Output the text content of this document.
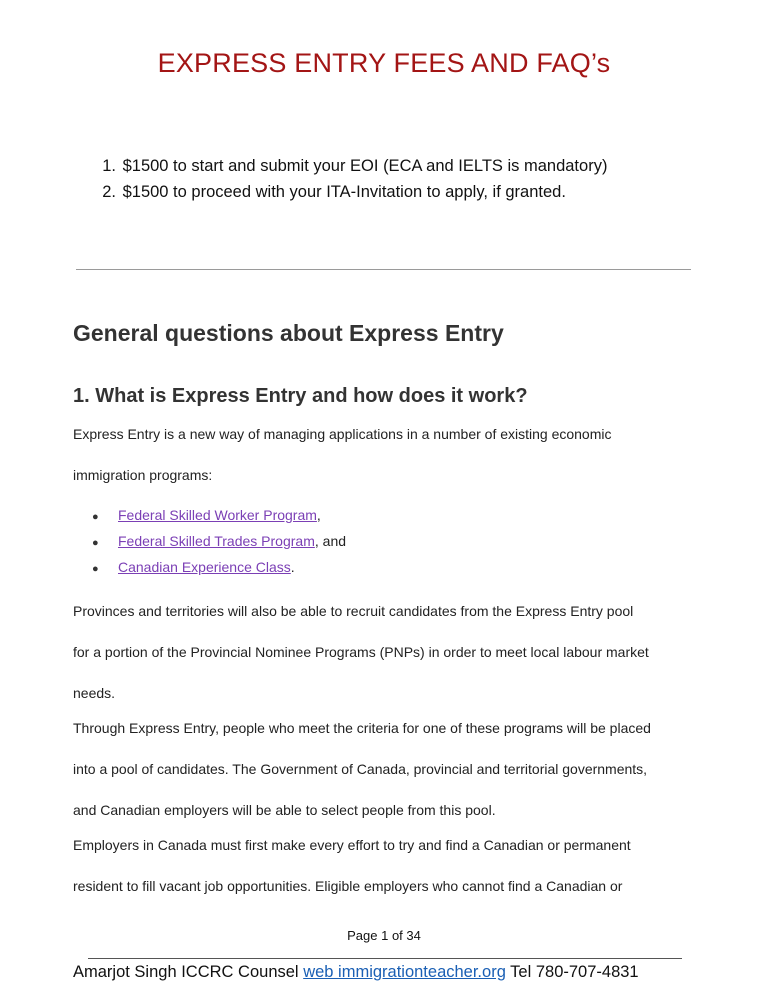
EXPRESS ENTRY FEES AND FAQ’s
1. $1500 to start and submit your EOI (ECA and IELTS is mandatory)
2. $1500 to proceed with your ITA-Invitation to apply, if granted.
General questions about Express Entry
1. What is Express Entry and how does it work?
Express Entry is a new way of managing applications in a number of existing economic
immigration programs:
● Federal Skilled Worker Program,
● Federal Skilled Trades Program, and
● Canadian Experience Class.
Provinces and territories will also be able to recruit candidates from the Express Entry pool
for a portion of the Provincial Nominee Programs (PNPs) in order to meet local labour market
needs.
Through Express Entry, people who meet the criteria for one of these programs will be placed
into a pool of candidates. The Government of Canada, provincial and territorial governments,
and Canadian employers will be able to select people from this pool.
Employers in Canada must first make every effort to try and find a Canadian or permanent
resident to fill vacant job opportunities. Eligible employers who cannot find a Canadian or
Page 1 of 34
Amarjot Singh ICCRC Counsel web immigrationteacher.org Tel 780-707-4831
